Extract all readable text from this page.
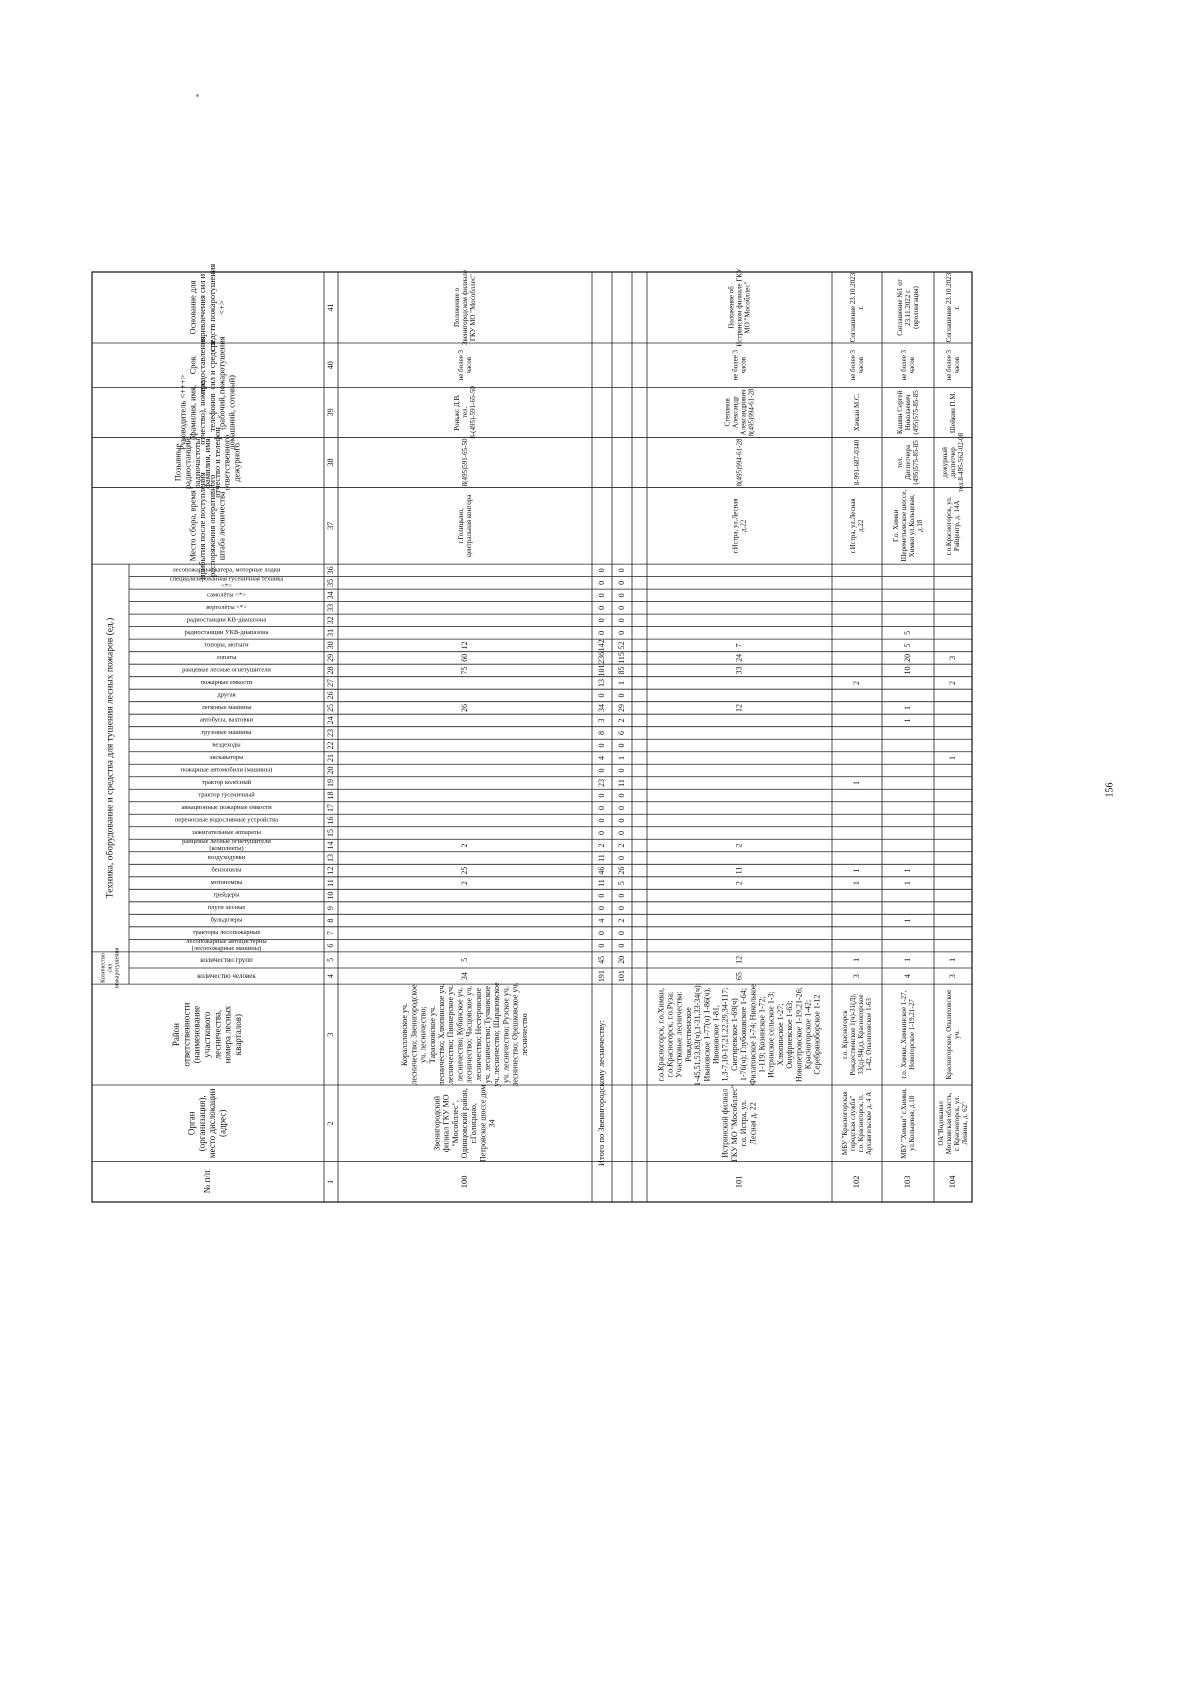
№ п/п
Орган(организация),место дислокации(адрес)
Районответственности(наименованиеучастковоголесничества,номера лесныхкварталов)
Количествосилпожаротушения
Техника, оборудование и средства для тушения лесных пожаров (ед.)
количество человек
количество групп
лесопожарные автоцистерны (лесопожарные машины)
тракторы лесопожарные
бульдозеры
плуги лесные
грейдеры
мотопомпы
бензопилы
воздуходувки
ранцевые лесные огнетушители (комплекты)
зажигательные аппараты
переносные водосливные устройства
авиационные пожарные емкости
трактор гусеничный
трактор колёсный
пожарные автомобили (машины)
экскаваторы
вездеходы
грузовые машины
автобусы, вахтовки
легковые машины
другая
пожарные емкости
ранцевые лесные огнетушители
лопаты
топоры, мотыги
радиостанции УКВ-диапазона
радиостанции КВ-диапазона
вертолёты <*>
самолёты <*>
специализированная гусеничная техника <*>
лесопожарные катера, моторные лодки
Место сбора, времяприбытия после поступленияраспоряжения оперативногоштаба лесничества
Позывныерадиостанций,радиочастоты,фамилия, имя,отчество и телефонответственногодежурного
Руководитель <+++>(фамилия, имя,отчество), номерателефонов(рабочий,домашний, сотовый)
Срокпредоставлениясил и средствпожаротушения
Основание дляпривлечения сил исредств пожаротушения<+>
1
2
3
4
5
6
7
8
9
10
11
12
13
14
15
16
17
18
19
20
21
22
23
24
25
26
27
28
29
30
31
32
33
34
35
36
37
38
39
40
41
100
Звенигородскийфилиал ГКУ МО"Мособллес",Одинцовский район,г.Голицыно,Петровское шоссе дом34
Кораллловское уч.лесничество; Звенигородскоеуч. лесничество;Тарасковское уч.лесничество; Хлюпинское уч.лесничество; Пионерское уч.лесничество; Кубинское уч.лесничество; Часцовское уч.лесничество; Нестеровскоеуч. лесничество; Тучковскоеуч. лесничество; Шараповскоеуч. лесничество; Рузское уч.лесничество; Орешковское уч.лесничество
34
5
2
25
2
26
75
60
12
г.Голицыно,центральная контора
8(495)591-65-50
Роньжс Д.В.тел.8-(495)-591-65-50
не более 3часов
Положение оЗвенигородском филиалеГКУ МО "Мособллес"
Итого по Звенигородскому лесничеству:
191
45
0
0
4
0
0
11
46
11
2
0
0
0
0
23
0
4
0
8
3
34
0
13
101
236
142
0
0
0
0
0
0
101
20
0
0
2
0
0
5
26
0
2
0
0
0
0
11
0
1
0
6
2
29
0
1
85
115
52
0
0
0
0
0
0
101
Истринский филиалГКУ МО "Мособллес"г.о. Истра, ул.Лесная д. 22
г.о.Красногорск, г.о.Химки,г.о.Красногорск, г.о.Руза;Участковые лесничества:Рождественское1-45,51,53,83(ч),1-31,33-34(ч);Ивановское 1-77(ч) 1-86(ч),Ивоновское 1-81,1,3-7,10-17,21,22,29,34-117;Снегиревское 1-69(ч)1-76(ч); Глубоковское 1-64;Филатовское 1-74; Николькое1-119; Козинское 1-72;Истринское сельское 1-3;Хлюпинское 1-27;Онуфриевское 1-63;Новопетровское 1-19,21-26;Красногорское 1-42;Серебряноборское 1-12
65
12
2
11
2
12
33
24
7
г.Истра, ул.Леснаяд.22
8(495)994-61-28
СтепановАлександрАлександрович8(495)994-61-28
не более 3часов
Положение обИстринском филиале ГКУМО "Мособллес"
102
МБУ "Красногорскаягородская служба"г.о. Красногорск, п.Архангельское д. 4 А
г.о. КрасногорскРождественское 1(ч)-31(Д),33(д)-94(д), Красногорское1-42, Опалиховское 1-63
3
1
1
1
1
2
г.Истра, ул.Леснаяд.22
8-991-687-0340
Хачкан М.С.
не более 3часов
Соглашение 23.10.2023г.
103
МБУ "Химки" г.Химки,ул.Кольцевая, д.18
г.о. Химки, Химкинское 1-27,Новогорское 1-19,21-27
4
1
1
1
1
1
1
10
20
5
5
Г.о. ХимкиШереметьевское шоссе,Химки ул.Кольцевая,д.18
тел.Диспетчера(495)575-85-85
Кашин СергейНиколаевич(495)575-85-85
не более 3часов
Соглашение №1 от23.11.2022 г.(пролонгация)
104
ОА"ВодоканалМосковская область,г. Красногорск, ул.Ленина, д. 62"
Красногорское, Опалиховскоеуч.
3
1
1
2
3
г.о.Красногорск, ул.Райцентр, д. 14А
дежурныйдиспетчертел.8-495-562-02-08
Шейкин П.М.
не более 3часов
Соглашение 23.10.2023г.
156
